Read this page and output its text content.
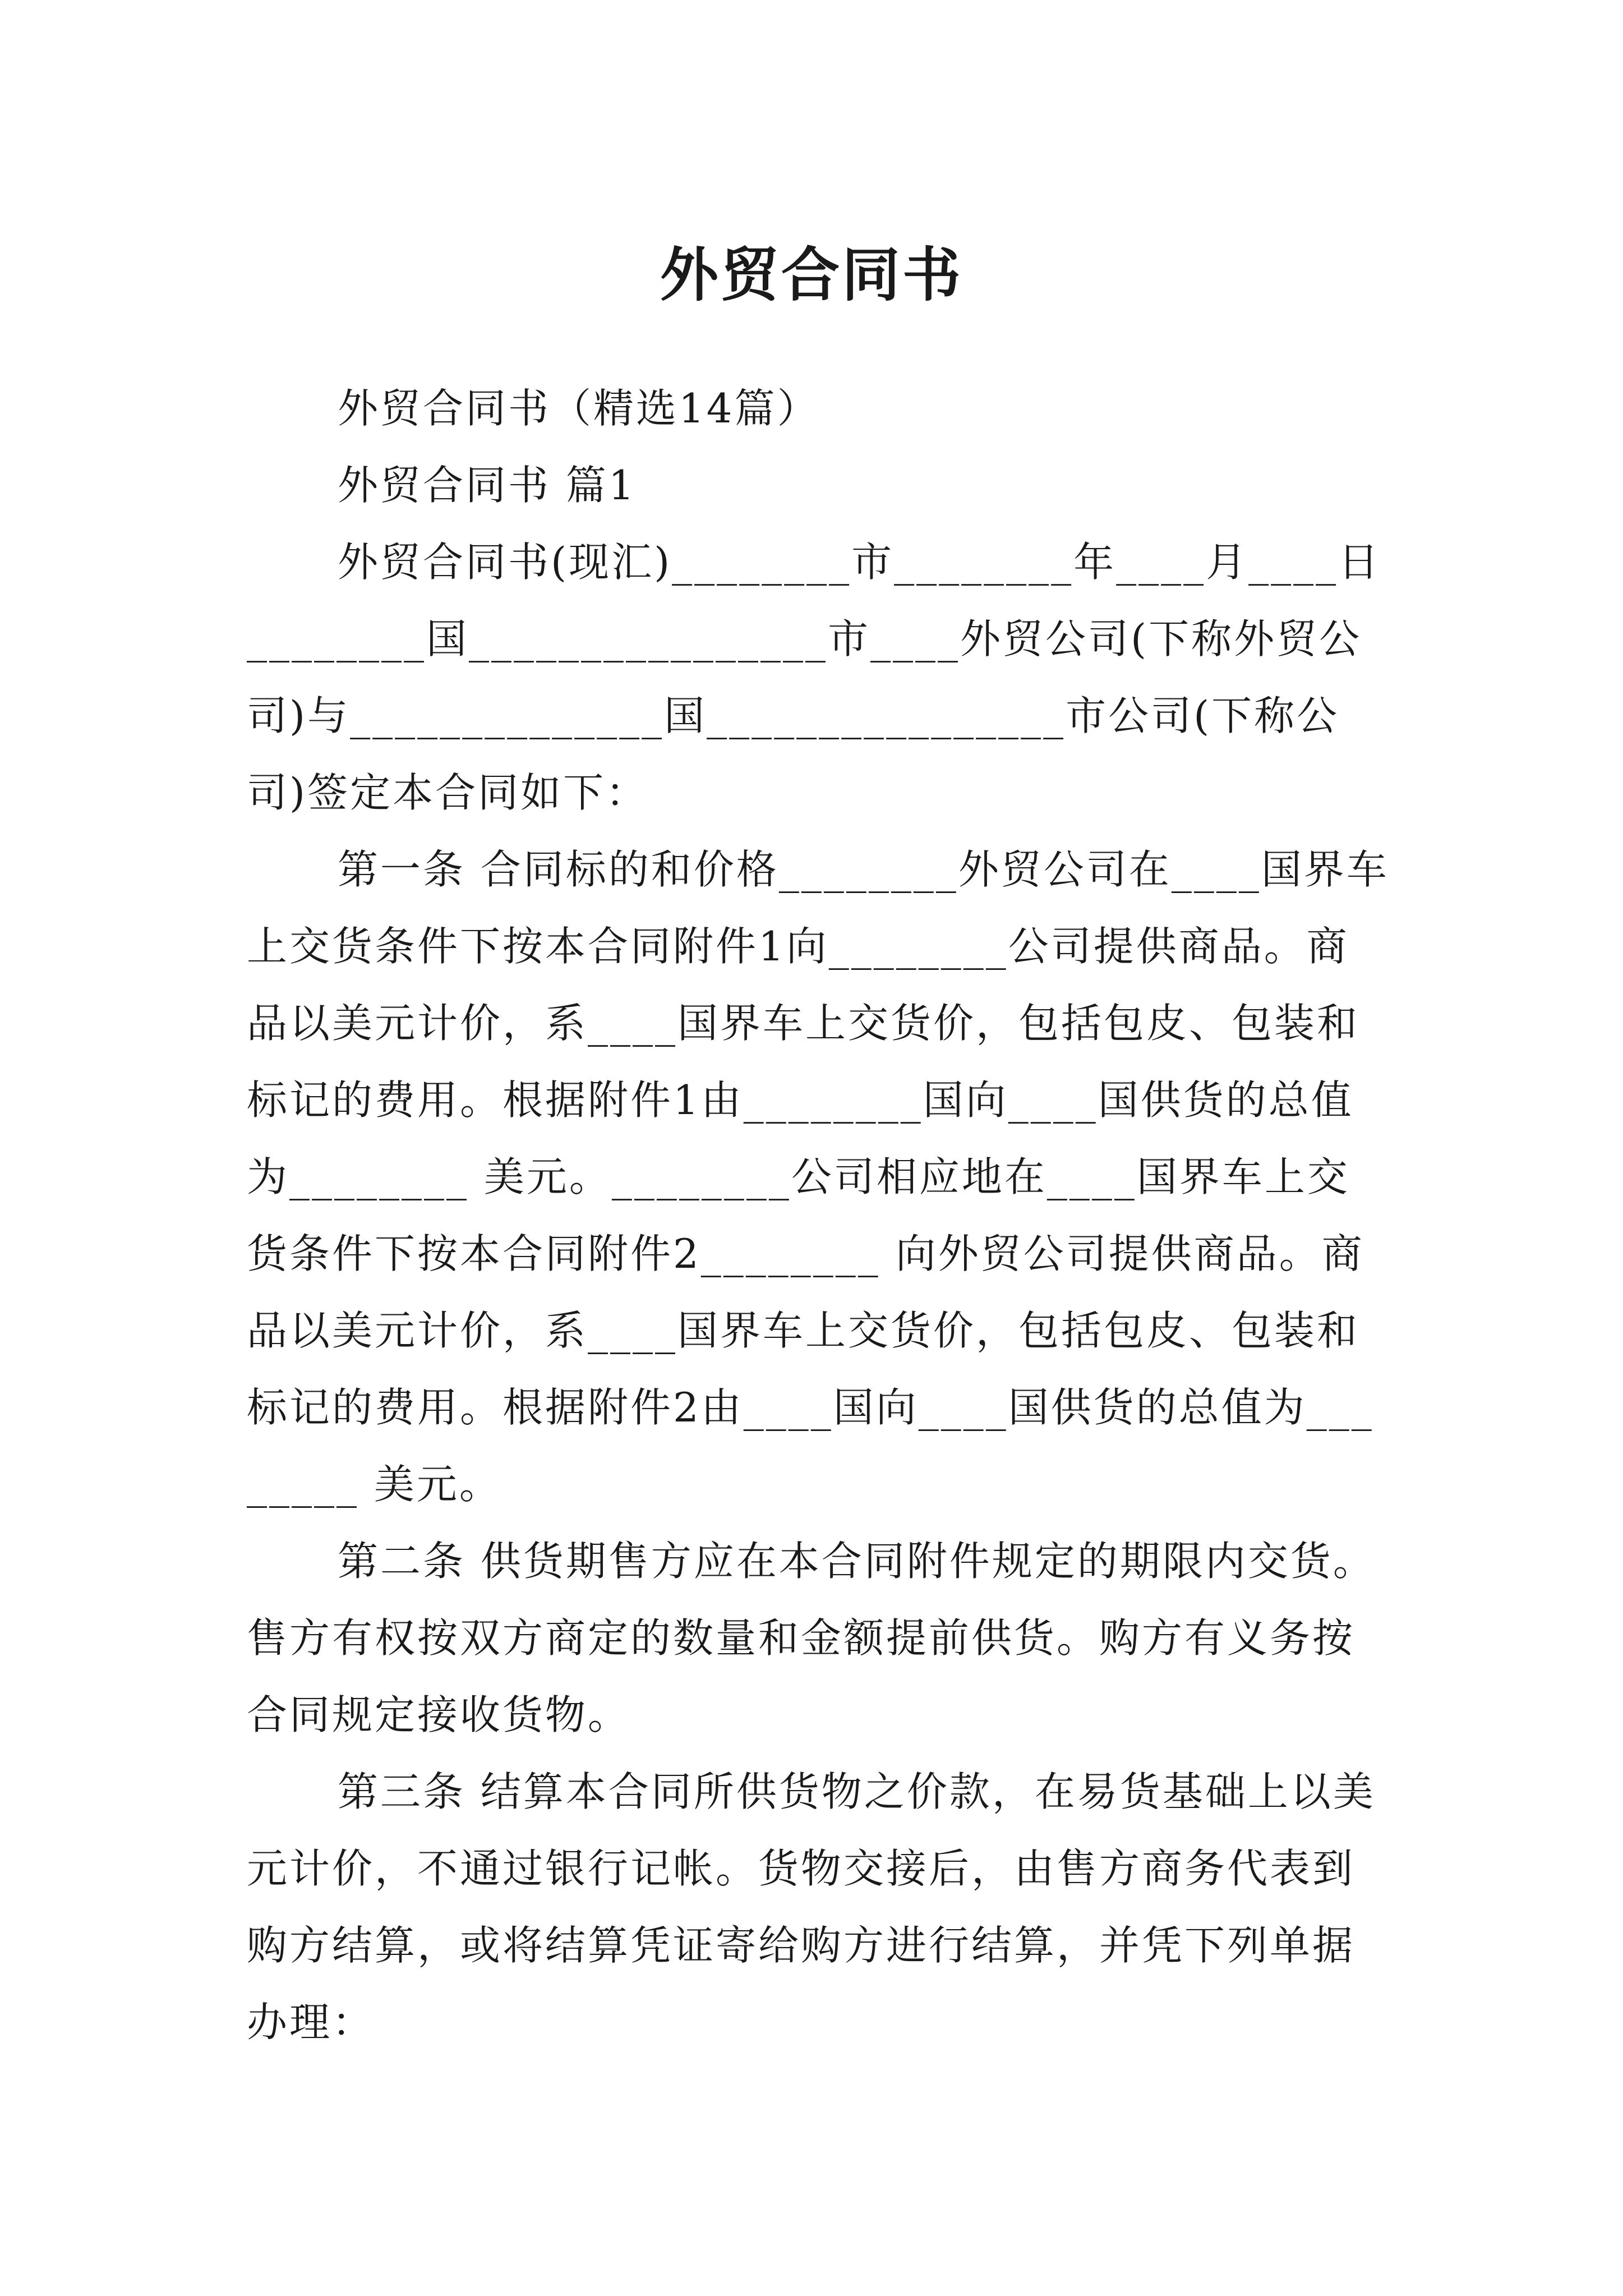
外贸合同书

外贸合同书（精选14篇）

外贸合同书 篇1

外贸合同书(现汇)________市________年____月____日________国________________市____外贸公司(下称外贸公司)与______________国________________市公司(下称公司)签定本合同如下：

第一条 合同标的和价格________外贸公司在____国界车上交货条件下按本合同附件1向________公司提供商品。商品以美元计价，系____国界车上交货价，包括包皮、包装和标记的费用。根据附件1由________国向____国供货的总值为________ 美元。________公司相应地在____国界车上交货条件下按本合同附件2________ 向外贸公司提供商品。商品以美元计价，系____国界车上交货价，包括包皮、包装和标记的费用。根据附件2由____国向____国供货的总值为________ 美元。

第二条 供货期售方应在本合同附件规定的期限内交货。售方有权按双方商定的数量和金额提前供货。购方有义务按合同规定接收货物。

第三条 结算本合同所供货物之价款，在易货基础上以美元计价，不通过银行记帐。货物交接后，由售方商务代表到购方结算，或将结算凭证寄给购方进行结算，并凭下列单据办理：
